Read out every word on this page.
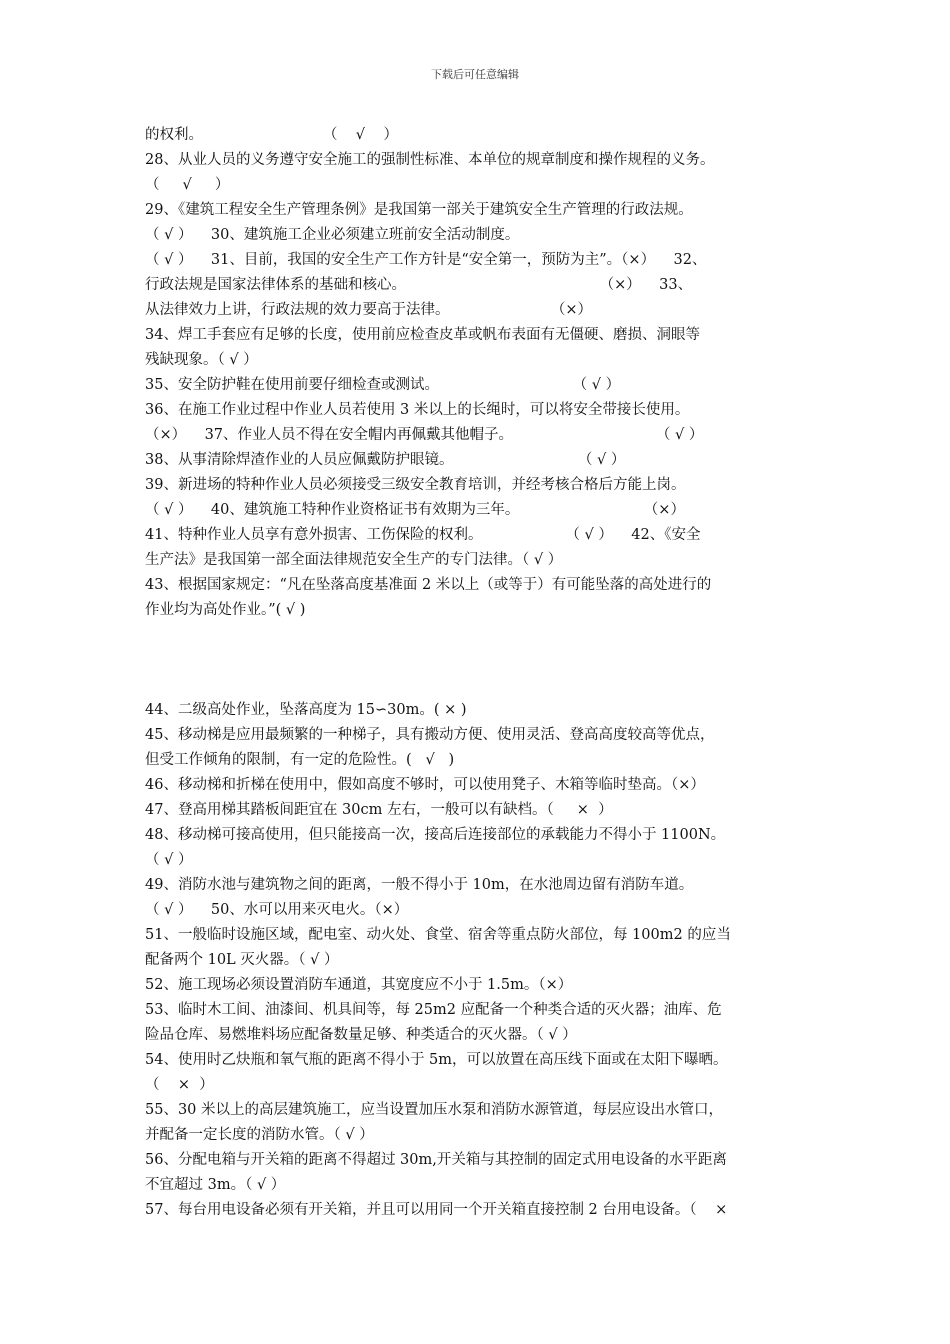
下载后可任意编辑
的权利。                          （    √    ）
28、从业人员的义务遵守安全施工的强制性标准、本单位的规章制度和操作规程的义务。
（     √     ）
29、《建筑工程安全生产管理条例》是我国第一部关于建筑安全生产管理的行政法规。
（ √ ）    30、建筑施工企业必须建立班前安全活动制度。
（ √ ）    31、目前，我国的安全生产工作方针是“安全第一，预防为主”。（×）    32、
行政法规是国家法律体系的基础和核心。                                          （×）    33、
从法律效力上讲，行政法规的效力要高于法律。                      （×）
34、焊工手套应有足够的长度，使用前应检查皮革或帆布表面有无僵硬、磨损、洞眼等
残缺现象。（ √ ）
35、安全防护鞋在使用前要仔细检查或测试。                             （ √ ）
36、在施工作业过程中作业人员若使用 3 米以上的长绳时，可以将安全带接长使用。
（×）    37、作业人员不得在安全帽内再佩戴其他帽子。                               （ √ ）
38、从事清除焊渣作业的人员应佩戴防护眼镜。                           （ √ ）
39、新进场的特种作业人员必须接受三级安全教育培训，并经考核合格后方能上岗。
（ √ ）    40、建筑施工特种作业资格证书有效期为三年。                           （×）
41、特种作业人员享有意外损害、工伤保险的权利。                  （ √ ）    42、《安全
生产法》是我国第一部全面法律规范安全生产的专门法律。（ √ ）
43、根据国家规定：“凡在坠落高度基准面 2 米以上（或等于）有可能坠落的高处进行的
作业均为高处作业。”( √ )
44、二级高处作业，坠落高度为 15∽30m。( × )
45、移动梯是应用最频繁的一种梯子，具有搬动方便、使用灵活、登高高度较高等优点，
但受工作倾角的限制，有一定的危险性。(   √   )
46、移动梯和折梯在使用中，假如高度不够时，可以使用凳子、木箱等临时垫高。（×）
47、登高用梯其踏板间距宜在 30cm 左右，一般可以有缺档。（     ×  ）
48、移动梯可接高使用，但只能接高一次，接高后连接部位的承载能力不得小于 1100N。
（ √ ）
49、消防水池与建筑物之间的距离，一般不得小于 10m，在水池周边留有消防车道。
（ √ ）    50、水可以用来灭电火。（×）
51、一般临时设施区域，配电室、动火处、食堂、宿舍等重点防火部位，每 100m2 的应当
配备两个 10L 灭火器。（ √ ）
52、施工现场必须设置消防车通道，其宽度应不小于 1.5m。（×）
53、临时木工间、油漆间、机具间等，每 25m2 应配备一个种类合适的灭火器；油库、危
险品仓库、易燃堆料场应配备数量足够、种类适合的灭火器。（ √ ）
54、使用时乙炔瓶和氧气瓶的距离不得小于 5m，可以放置在高压线下面或在太阳下曝晒。
（    ×  ）
55、30 米以上的高层建筑施工，应当设置加压水泵和消防水源管道，每层应设出水管口，
并配备一定长度的消防水管。（ √ ）
56、分配电箱与开关箱的距离不得超过 30m,开关箱与其控制的固定式用电设备的水平距离
不宜超过 3m。（ √ ）
57、每台用电设备必须有开关箱，并且可以用同一个开关箱直接控制 2 台用电设备。（    ×
